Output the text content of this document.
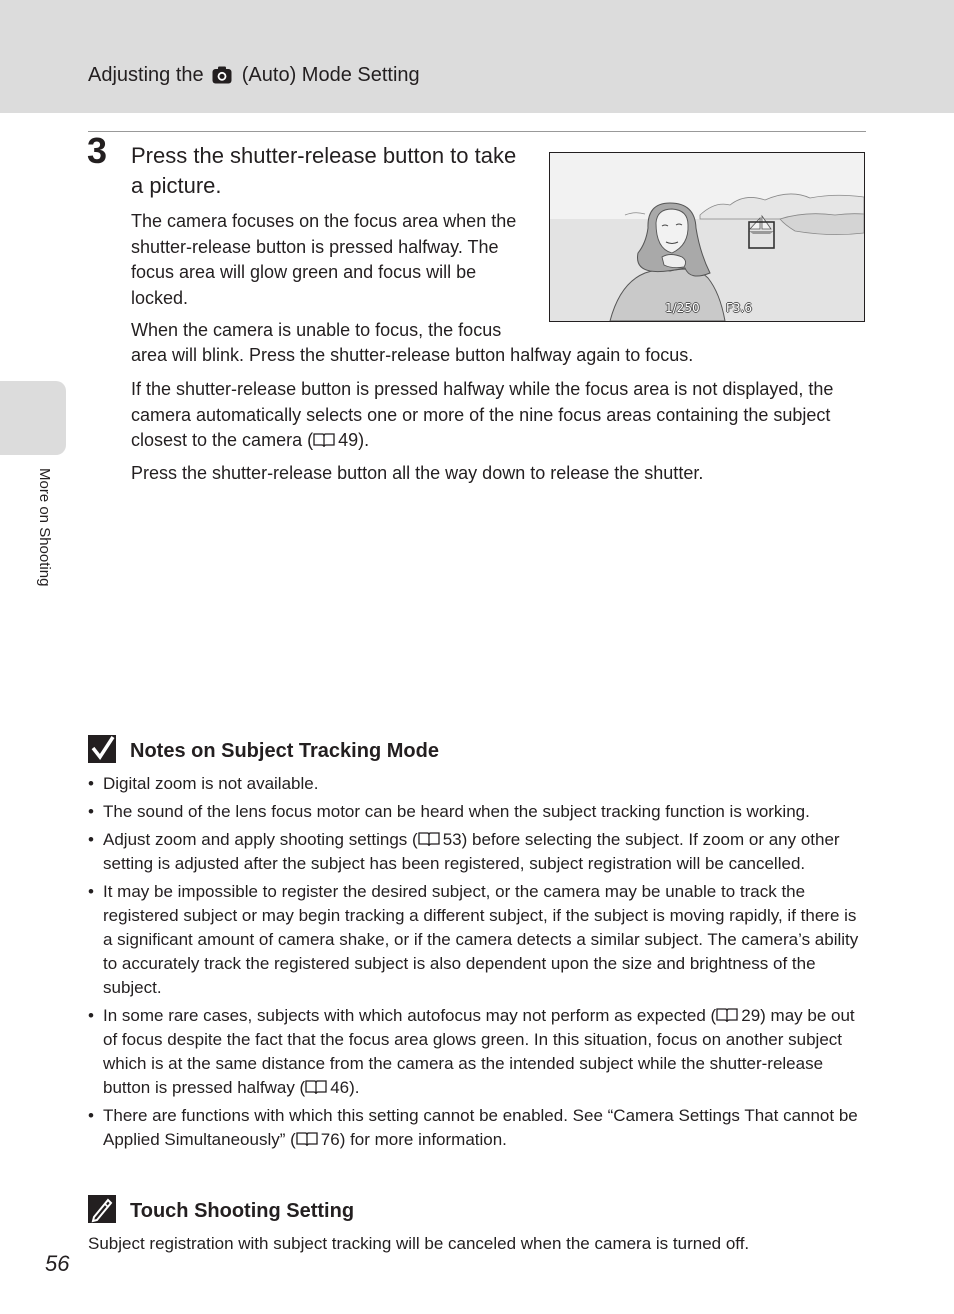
Adjusting the (Auto) Mode Setting
More on Shooting
3 Press the shutter-release button to take a picture.
The camera focuses on the focus area when the shutter-release button is pressed halfway. The focus area will glow green and focus will be locked.
When the camera is unable to focus, the focus
area will blink. Press the shutter-release button halfway again to focus.
If the shutter-release button is pressed halfway while the focus area is not displayed, the camera automatically selects one or more of the nine focus areas containing the subject closest to the camera ( 49).
Press the shutter-release button all the way down to release the shutter.
1/250 F3.6
Notes on Subject Tracking Mode
• Digital zoom is not available.
• The sound of the lens focus motor can be heard when the subject tracking function is working.
• Adjust zoom and apply shooting settings ( 53) before selecting the subject. If zoom or any other setting is adjusted after the subject has been registered, subject registration will be cancelled.
• It may be impossible to register the desired subject, or the camera may be unable to track the registered subject or may begin tracking a different subject, if the subject is moving rapidly, if there is a significant amount of camera shake, or if the camera detects a similar subject. The camera’s ability to accurately track the registered subject is also dependent upon the size and brightness of the subject.
• In some rare cases, subjects with which autofocus may not perform as expected ( 29) may be out of focus despite the fact that the focus area glows green. In this situation, focus on another subject which is at the same distance from the camera as the intended subject while the shutter-release button is pressed halfway ( 46).
• There are functions with which this setting cannot be enabled. See “Camera Settings That cannot be Applied Simultaneously” ( 76) for more information.
Touch Shooting Setting
Subject registration with subject tracking will be canceled when the camera is turned off.
56
